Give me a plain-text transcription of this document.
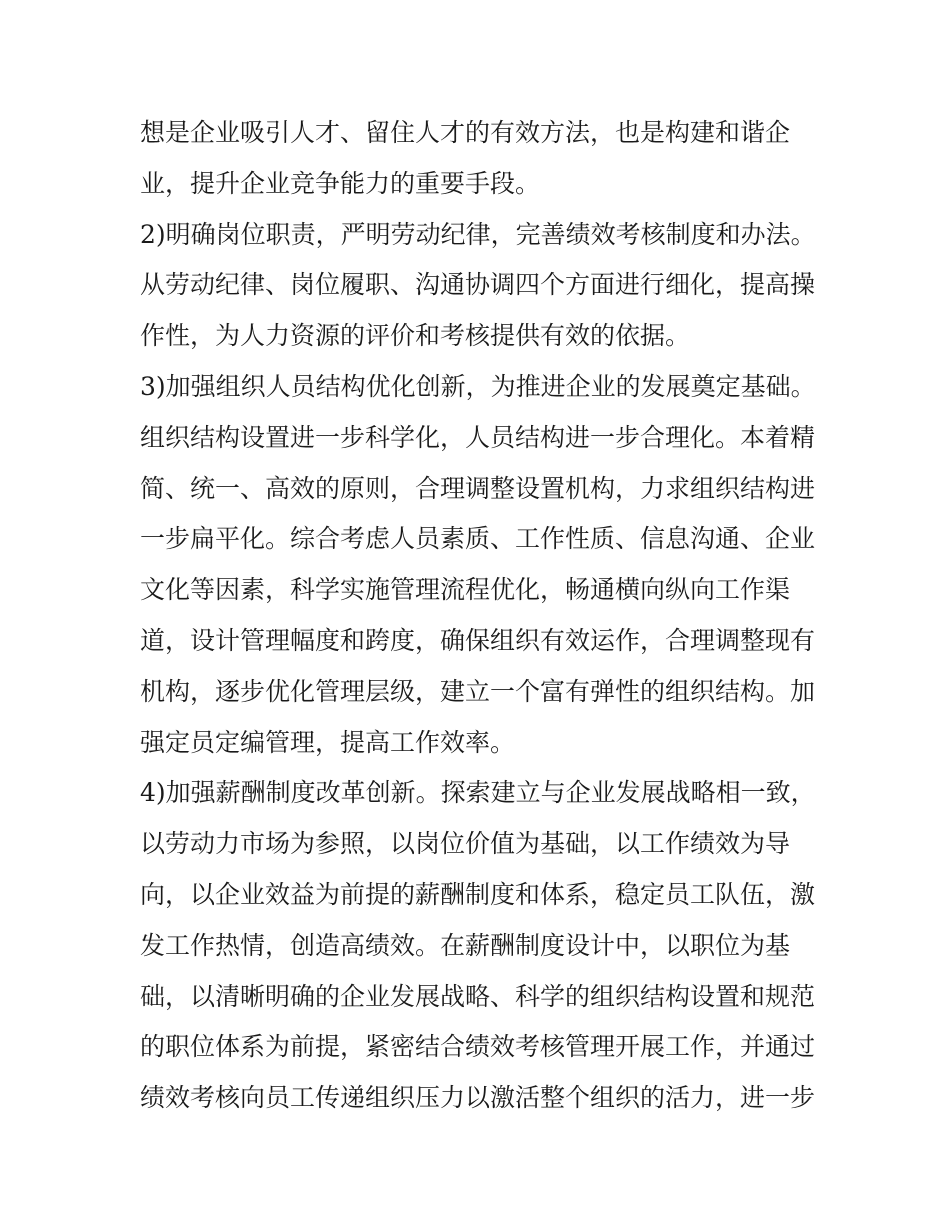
想是企业吸引人才、留住人才的有效方法，也是构建和谐企
业，提升企业竞争能力的重要手段。
2)明确岗位职责，严明劳动纪律，完善绩效考核制度和办法。
从劳动纪律、岗位履职、沟通协调四个方面进行细化，提高操
作性，为人力资源的评价和考核提供有效的依据。
3)加强组织人员结构优化创新，为推进企业的发展奠定基础。
组织结构设置进一步科学化，人员结构进一步合理化。本着精
简、统一、高效的原则，合理调整设置机构，力求组织结构进
一步扁平化。综合考虑人员素质、工作性质、信息沟通、企业
文化等因素，科学实施管理流程优化，畅通横向纵向工作渠
道，设计管理幅度和跨度，确保组织有效运作，合理调整现有
机构，逐步优化管理层级，建立一个富有弹性的组织结构。加
强定员定编管理，提高工作效率。
4)加强薪酬制度改革创新。探索建立与企业发展战略相一致，
以劳动力市场为参照，以岗位价值为基础，以工作绩效为导
向，以企业效益为前提的薪酬制度和体系，稳定员工队伍，激
发工作热情，创造高绩效。在薪酬制度设计中，以职位为基
础，以清晰明确的企业发展战略、科学的组织结构设置和规范
的职位体系为前提，紧密结合绩效考核管理开展工作，并通过
绩效考核向员工传递组织压力以激活整个组织的活力，进一步
